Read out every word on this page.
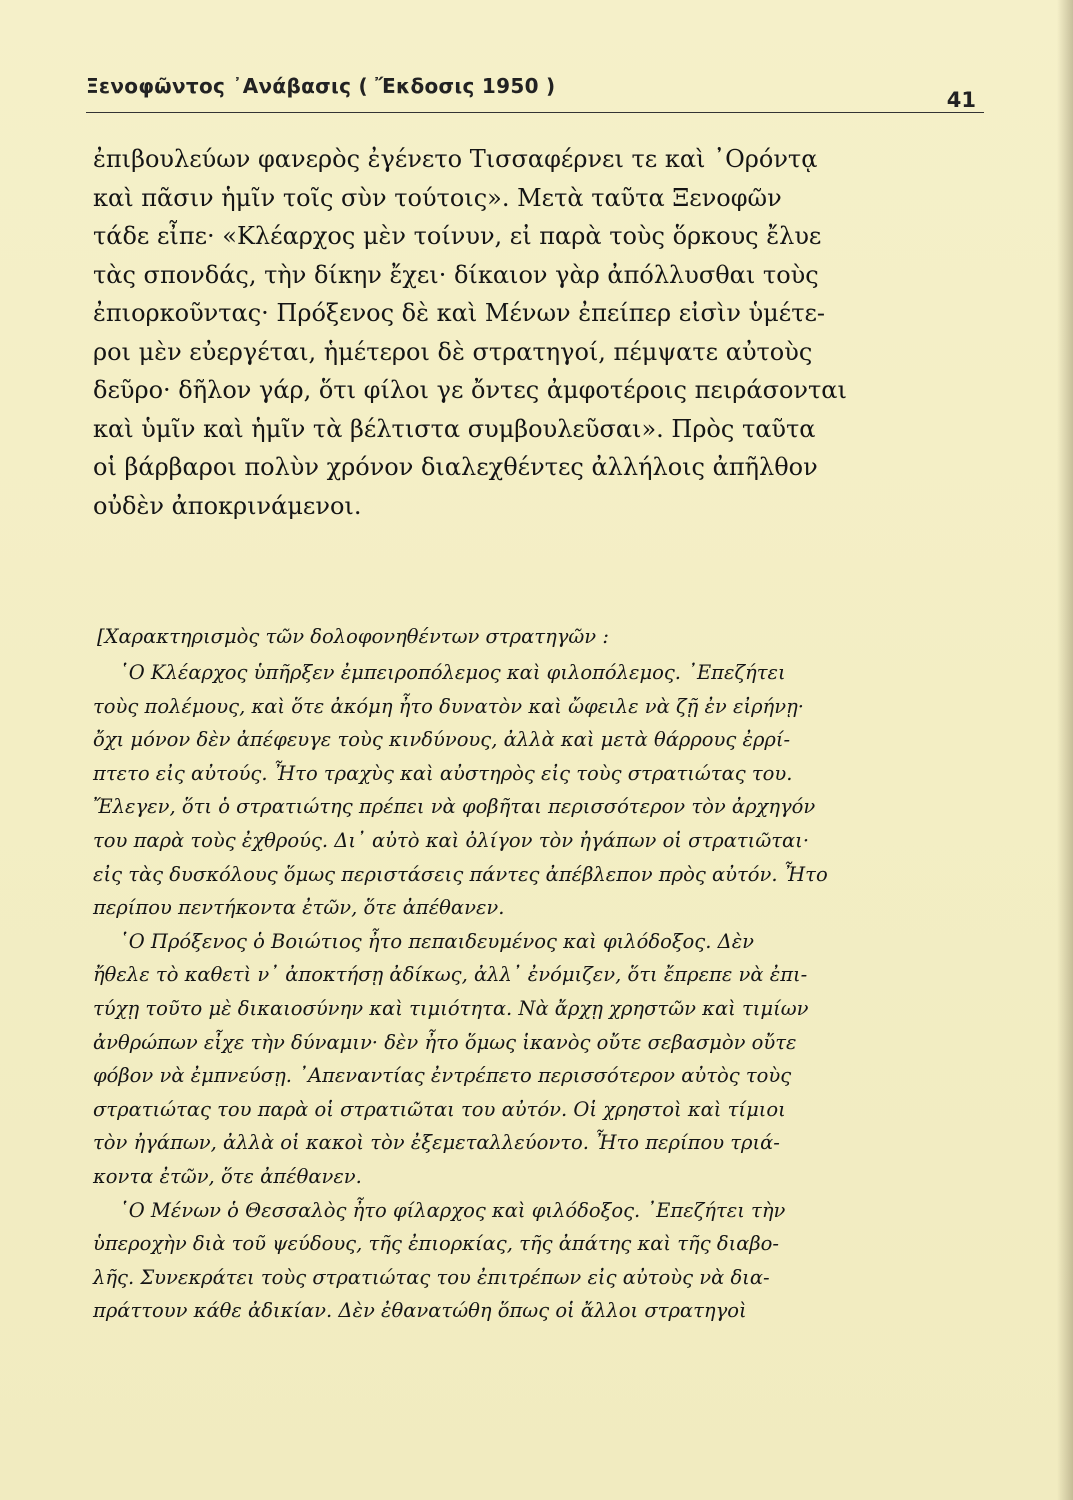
Ξενοφῶντος ᾿Ανάβασις ( Ἔκδοσις 1950 )
41
ἐπιβουλεύων φανερὸς ἐγένετο Τισσαφέρνει τε καὶ ᾿Ορόντᾳ
καὶ πᾶσιν ἡμῖν τοῖς σὺν τούτοις». Μετὰ ταῦτα Ξενοφῶν
τάδε εἶπε· «Κλέαρχος μὲν τοίνυν, εἰ παρὰ τοὺς ὅρκους ἔλυε
τὰς σπονδάς, τὴν δίκην ἔχει· δίκαιον γὰρ ἀπόλλυσθαι τοὺς
ἐπιορκοῦντας· Πρόξενος δὲ καὶ Μένων ἐπείπερ εἰσὶν ὑμέτε-
ροι μὲν εὐεργέται, ἡμέτεροι δὲ στρατηγοί, πέμψατε αὐτοὺς
δεῦρο· δῆλον γάρ, ὅτι φίλοι γε ὄντες ἀμφοτέροις πειράσονται
καὶ ὑμῖν καὶ ἡμῖν τὰ βέλτιστα συμβουλεῦσαι». Πρὸς ταῦτα
οἱ βάρβαροι πολὺν χρόνον διαλεχθέντες ἀλλήλοις ἀπῆλθον
οὐδὲν ἀποκρινάμενοι.
[Χαρακτηρισμὸς τῶν δολοφονηθέντων στρατηγῶν :
῾Ο Κλέαρχος ὑπῆρξεν ἐμπειροπόλεμος καὶ φιλοπόλεμος. ᾿Επεζήτει
τοὺς πολέμους, καὶ ὅτε ἀκόμη ἦτο δυνατὸν καὶ ὤφειλε νὰ ζῇ ἐν εἰρήνῃ·
ὄχι μόνον δὲν ἀπέφευγε τοὺς κινδύνους, ἀλλὰ καὶ μετὰ θάρρους ἐρρί-
πτετο εἰς αὐτούς. Ἦτο τραχὺς καὶ αὐστηρὸς εἰς τοὺς στρατιώτας του.
Ἔλεγεν, ὅτι ὁ στρατιώτης πρέπει νὰ φοβῆται περισσότερον τὸν ἀρχηγόν
του παρὰ τοὺς ἐχθρούς. Δι᾿ αὐτὸ καὶ ὀλίγον τὸν ἠγάπων οἱ στρατιῶται·
εἰς τὰς δυσκόλους ὅμως περιστάσεις πάντες ἀπέβλεπον πρὸς αὐτόν. Ἦτο
περίπου πεντήκοντα ἐτῶν, ὅτε ἀπέθανεν.
῾Ο Πρόξενος ὁ Βοιώτιος ἦτο πεπαιδευμένος καὶ φιλόδοξος. Δὲν
ἤθελε τὸ καθετὶ ν᾿ ἀποκτήσῃ ἀδίκως, ἀλλ᾿ ἐνόμιζεν, ὅτι ἔπρεπε νὰ ἐπι-
τύχῃ τοῦτο μὲ δικαιοσύνην καὶ τιμιότητα. Νὰ ἄρχῃ χρηστῶν καὶ τιμίων
ἀνθρώπων εἶχε τὴν δύναμιν· δὲν ἦτο ὅμως ἱκανὸς οὔτε σεβασμὸν οὔτε
φόβον νὰ ἐμπνεύσῃ. ᾿Απεναντίας ἐντρέπετο περισσότερον αὐτὸς τοὺς
στρατιώτας του παρὰ οἱ στρατιῶται του αὐτόν. Οἱ χρηστοὶ καὶ τίμιοι
τὸν ἠγάπων, ἀλλὰ οἱ κακοὶ τὸν ἐξεμεταλλεύοντο. Ἦτο περίπου τριά-
κοντα ἐτῶν, ὅτε ἀπέθανεν.
῾Ο Μένων ὁ Θεσσαλὸς ἦτο φίλαρχος καὶ φιλόδοξος. ᾿Επεζήτει τὴν
ὑπεροχὴν διὰ τοῦ ψεύδους, τῆς ἐπιορκίας, τῆς ἀπάτης καὶ τῆς διαβο-
λῆς. Συνεκράτει τοὺς στρατιώτας του ἐπιτρέπων εἰς αὐτοὺς νὰ δια-
πράττουν κάθε ἀδικίαν. Δὲν ἐθανατώθη ὅπως οἱ ἄλλοι στρατηγοὶ
